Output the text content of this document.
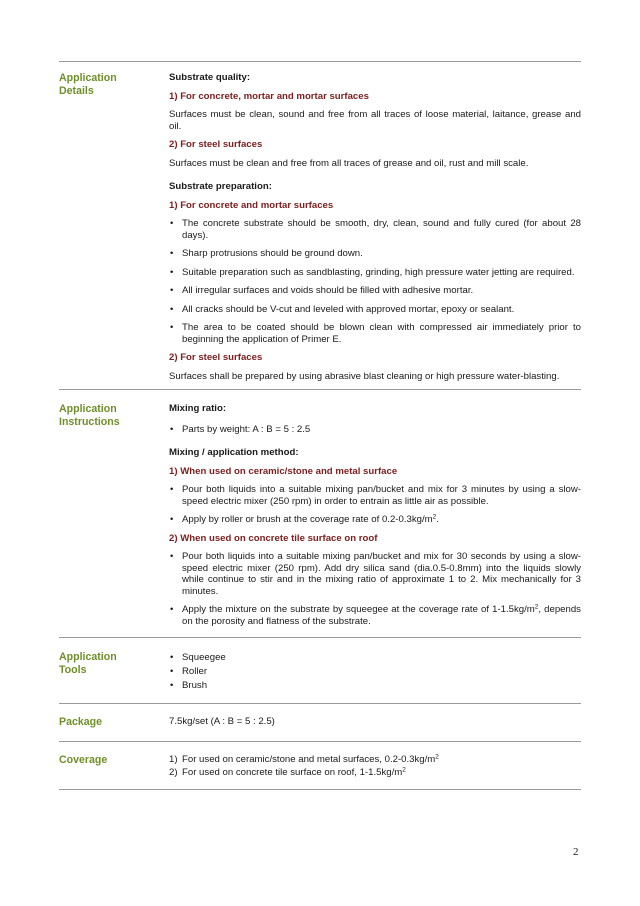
Application Details
Substrate quality:
1) For concrete, mortar and mortar surfaces
Surfaces must be clean, sound and free from all traces of loose material, laitance, grease and oil.
2) For steel surfaces
Surfaces must be clean and free from all traces of grease and oil, rust and mill scale.
Substrate preparation:
1) For concrete and mortar surfaces
• The concrete substrate should be smooth, dry, clean, sound and fully cured (for about 28 days).
• Sharp protrusions should be ground down.
• Suitable preparation such as sandblasting, grinding, high pressure water jetting are required.
• All irregular surfaces and voids should be filled with adhesive mortar.
• All cracks should be V-cut and leveled with approved mortar, epoxy or sealant.
• The area to be coated should be blown clean with compressed air immediately prior to beginning the application of Primer E.
2) For steel surfaces
Surfaces shall be prepared by using abrasive blast cleaning or high pressure water-blasting.
Application Instructions
Mixing ratio:
• Parts by weight: A : B = 5 : 2.5
Mixing / application method:
1) When used on ceramic/stone and metal surface
• Pour both liquids into a suitable mixing pan/bucket and mix for 3 minutes by using a slow-speed electric mixer (250 rpm) in order to entrain as little air as possible.
• Apply by roller or brush at the coverage rate of $0.2-0.3kg/m^2$.
2) When used on concrete tile surface on roof
• Pour both liquids into a suitable mixing pan/bucket and mix for 30 seconds by using a slow-speed electric mixer (250 rpm). Add dry silica sand (dia.0.5-0.8mm) into the liquids slowly while continue to stir and in the mixing ratio of approximate 1 to 2. Mix mechanically for 3 minutes.
• Apply the mixture on the substrate by squeegee at the coverage rate of $1-1.5kg/m^2$, depends on the porosity and flatness of the substrate.
Application Tools
• Squeegee
• Roller
• Brush
Package	7.5kg/set (A : B = 5 : 2.5)
Coverage	1) For used on ceramic/stone and metal surfaces, $0.2-0.3kg/m^2$
2) For used on concrete tile surface on roof, $1-1.5kg/m^2$
2
